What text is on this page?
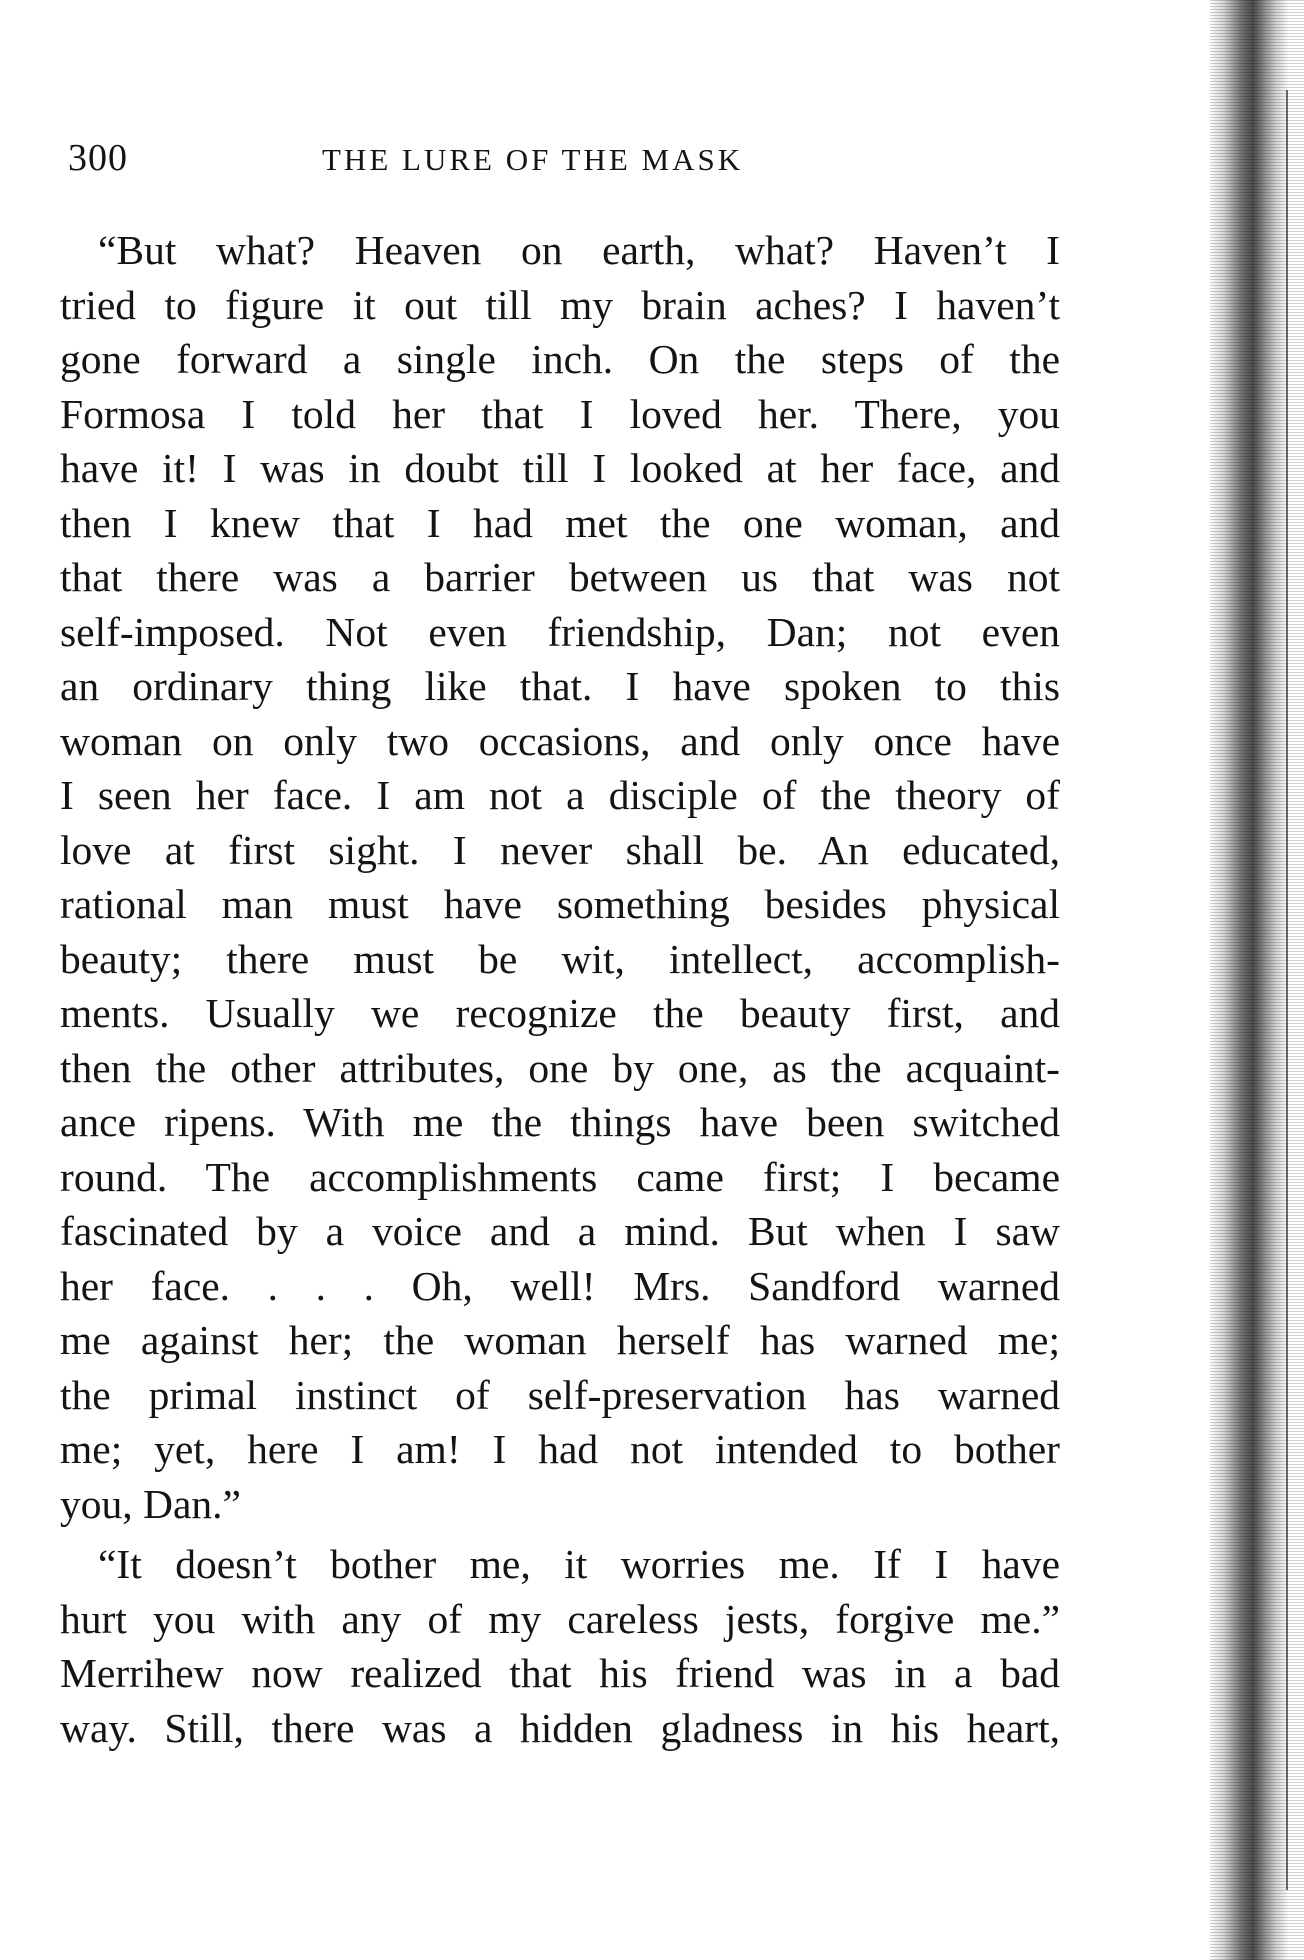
300	THE LURE OF THE MASK
“But what? Heaven on earth, what? Haven’t I
tried to figure it out till my brain aches? I haven’t
gone forward a single inch. On the steps of the
Formosa I told her that I loved her. There, you
have it! I was in doubt till I looked at her face, and
then I knew that I had met the one woman, and
that there was a barrier between us that was not
self-imposed. Not even friendship, Dan; not even
an ordinary thing like that. I have spoken to this
woman on only two occasions, and only once have
I seen her face. I am not a disciple of the theory of
love at first sight. I never shall be. An educated,
rational man must have something besides physical
beauty; there must be wit, intellect, accomplish-
ments. Usually we recognize the beauty first, and
then the other attributes, one by one, as the acquaint-
ance ripens. With me the things have been switched
round. The accomplishments came first; I became
fascinated by a voice and a mind. But when I saw
her face. . . . Oh, well! Mrs. Sandford warned
me against her; the woman herself has warned me;
the primal instinct of self-preservation has warned
me; yet, here I am! I had not intended to bother
you, Dan.”
“It doesn’t bother me, it worries me. If I have
hurt you with any of my careless jests, forgive me.”
Merrihew now realized that his friend was in a bad
way. Still, there was a hidden gladness in his heart,
